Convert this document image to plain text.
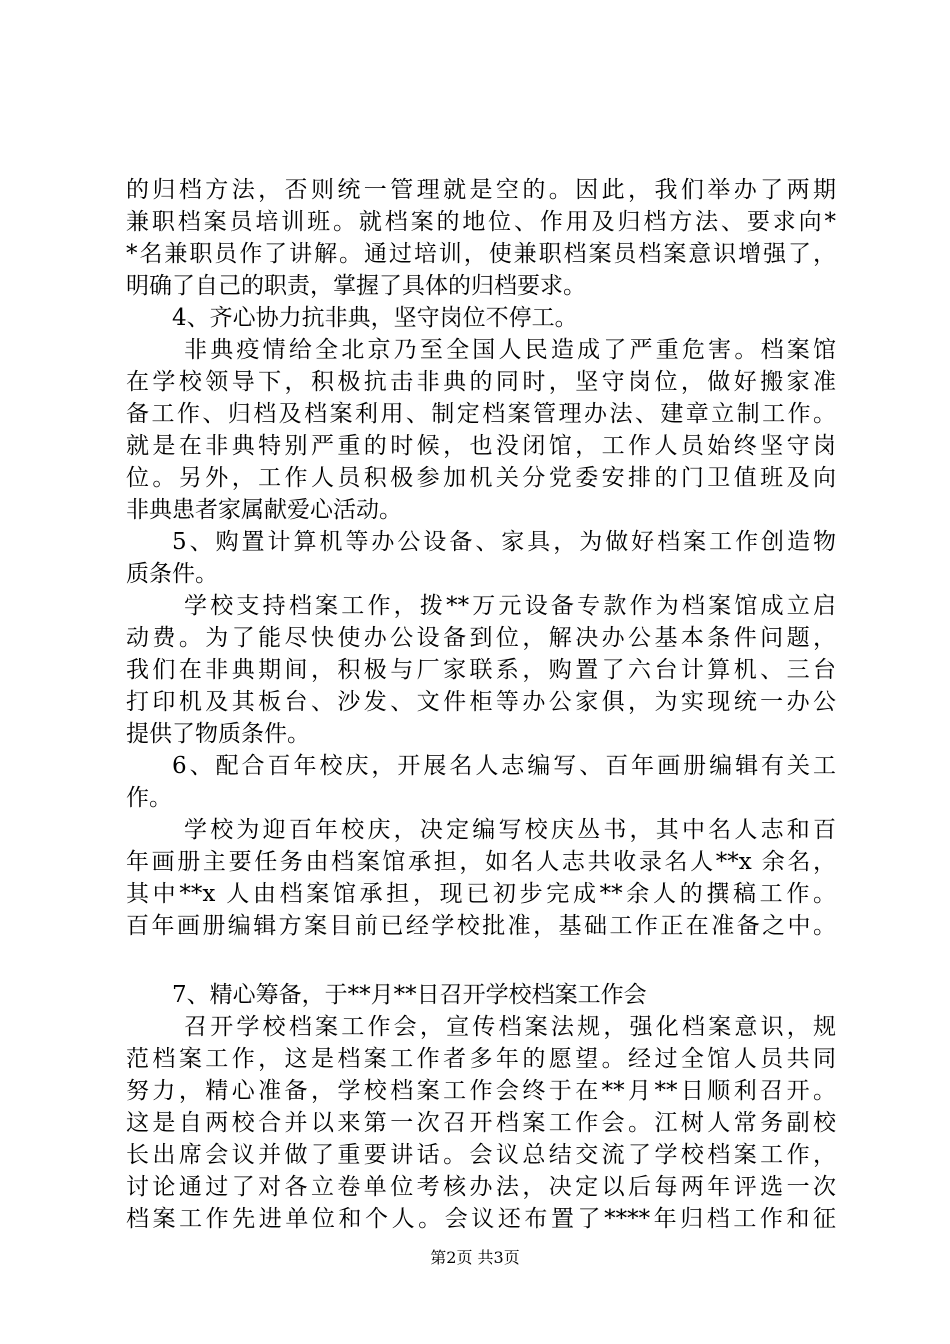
的归档方法，否则统一管理就是空的。因此，我们举办了两期
兼职档案员培训班。就档案的地位、作用及归档方法、要求向*
*名兼职员作了讲解。通过培训，使兼职档案员档案意识增强了，
明确了自己的职责，掌握了具体的归档要求。
4、齐心协力抗非典，坚守岗位不停工。
非典疫情给全北京乃至全国人民造成了严重危害。档案馆
在学校领导下，积极抗击非典的同时，坚守岗位，做好搬家准
备工作、归档及档案利用、制定档案管理办法、建章立制工作。
就是在非典特别严重的时候，也没闭馆，工作人员始终坚守岗
位。另外，工作人员积极参加机关分党委安排的门卫值班及向
非典患者家属献爱心活动。
5、购置计算机等办公设备、家具，为做好档案工作创造物
质条件。
学校支持档案工作，拨**万元设备专款作为档案馆成立启
动费。为了能尽快使办公设备到位，解决办公基本条件问题，
我们在非典期间，积极与厂家联系，购置了六台计算机、三台
打印机及其板台、沙发、文件柜等办公家俱，为实现统一办公
提供了物质条件。
6、配合百年校庆，开展名人志编写、百年画册编辑有关工
作。
学校为迎百年校庆，决定编写校庆丛书，其中名人志和百
年画册主要任务由档案馆承担，如名人志共收录名人**x 余名，
其中**x 人由档案馆承担，现已初步完成**余人的撰稿工作。
百年画册编辑方案目前已经学校批准，基础工作正在准备之中。
7、精心筹备，于**月**日召开学校档案工作会
召开学校档案工作会，宣传档案法规，强化档案意识，规
范档案工作，这是档案工作者多年的愿望。经过全馆人员共同
努力，精心准备，学校档案工作会终于在**月**日顺利召开。
这是自两校合并以来第一次召开档案工作会。江树人常务副校
长出席会议并做了重要讲话。会议总结交流了学校档案工作，
讨论通过了对各立卷单位考核办法，决定以后每两年评选一次
档案工作先进单位和个人。会议还布置了****年归档工作和征
第2页 共3页
